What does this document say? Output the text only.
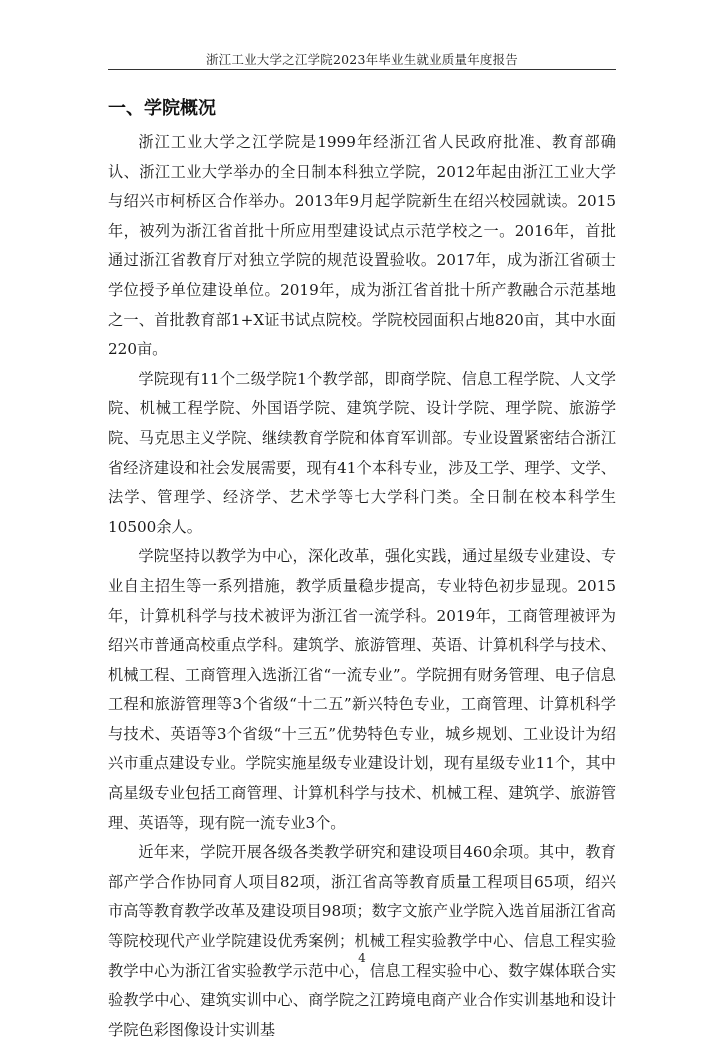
浙江工业大学之江学院2023年毕业生就业质量年度报告
一、学院概况

浙江工业大学之江学院是1999年经浙江省人民政府批准、教育部确认、浙江工业大学举办的全日制本科独立学院，2012年起由浙江工业大学与绍兴市柯桥区合作举办。2013年9月起学院新生在绍兴校园就读。2015年，被列为浙江省首批十所应用型建设试点示范学校之一。2016年，首批通过浙江省教育厅对独立学院的规范设置验收。2017年，成为浙江省硕士学位授予单位建设单位。2019年，成为浙江省首批十所产教融合示范基地之一、首批教育部1+X证书试点院校。学院校园面积占地820亩，其中水面220亩。

学院现有11个二级学院1个教学部，即商学院、信息工程学院、人文学院、机械工程学院、外国语学院、建筑学院、设计学院、理学院、旅游学院、马克思主义学院、继续教育学院和体育军训部。专业设置紧密结合浙江省经济建设和社会发展需要，现有41个本科专业，涉及工学、理学、文学、法学、管理学、经济学、艺术学等七大学科门类。全日制在校本科学生10500余人。

学院坚持以教学为中心，深化改革，强化实践，通过星级专业建设、专业自主招生等一系列措施，教学质量稳步提高，专业特色初步显现。2015年，计算机科学与技术被评为浙江省一流学科。2019年，工商管理被评为绍兴市普通高校重点学科。建筑学、旅游管理、英语、计算机科学与技术、机械工程、工商管理入选浙江省“一流专业”。学院拥有财务管理、电子信息工程和旅游管理等3个省级“十二五”新兴特色专业，工商管理、计算机科学与技术、英语等3个省级“十三五”优势特色专业，城乡规划、工业设计为绍兴市重点建设专业。学院实施星级专业建设计划，现有星级专业11个，其中高星级专业包括工商管理、计算机科学与技术、机械工程、建筑学、旅游管理、英语等，现有院一流专业3个。

近年来，学院开展各级各类教学研究和建设项目460余项。其中，教育部产学合作协同育人项目82项，浙江省高等教育质量工程项目65项，绍兴市高等教育教学改革及建设项目98项；数字文旅产业学院入选首届浙江省高等院校现代产业学院建设优秀案例；机械工程实验教学中心、信息工程实验教学中心为浙江省实验教学示范中心，信息工程实验中心、数字媒体联合实验教学中心、建筑实训中心、商学院之江跨境电商产业合作实训基地和设计学院色彩图像设计实训基

4
